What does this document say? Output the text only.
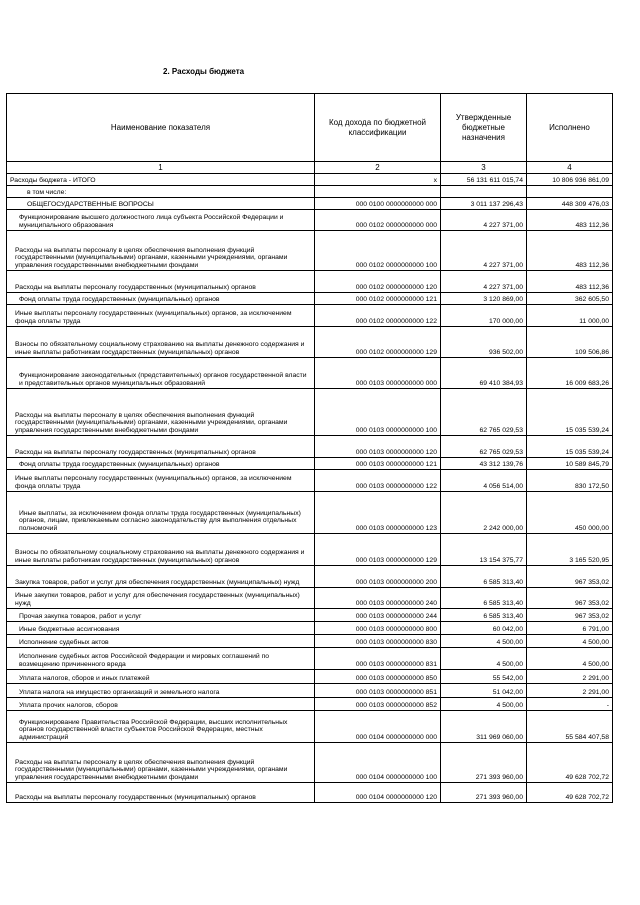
2. Расходы бюджета
Наименование показателя	Код дохода по бюджетной классификации	Утвержденные бюджетные назначения	Исполнено
1	2	3	4
Расходы бюджета - ИТОГО	x	56 131 611 015,74	10 806 936 861,09
в том числе:			
ОБЩЕГОСУДАРСТВЕННЫЕ ВОПРОСЫ	000 0100 0000000000 000	3 011 137 296,43	448 309 476,03
Функционирование высшего должностного лица субъекта Российской Федерации и муниципального образования	000 0102 0000000000 000	4 227 371,00	483 112,36
Расходы на выплаты персоналу в целях обеспечения выполнения функций государственными (муниципальными) органами, казенными учреждениями, органами управления государственными внебюджетными фондами	000 0102 0000000000 100	4 227 371,00	483 112,36
Расходы на выплаты персоналу государственных (муниципальных) органов	000 0102 0000000000 120	4 227 371,00	483 112,36
Фонд оплаты труда государственных (муниципальных) органов	000 0102 0000000000 121	3 120 869,00	362 605,50
Иные выплаты персоналу государственных (муниципальных) органов, за исключением фонда оплаты труда	000 0102 0000000000 122	170 000,00	11 000,00
Взносы по обязательному социальному страхованию на выплаты денежного содержания и иные выплаты работникам государственных (муниципальных) органов	000 0102 0000000000 129	936 502,00	109 506,86
Функционирование законодательных (представительных) органов государственной власти и представительных органов муниципальных образований	000 0103 0000000000 000	69 410 384,93	16 009 683,26
Расходы на выплаты персоналу в целях обеспечения выполнения функций государственными (муниципальными) органами, казенными учреждениями, органами управления государственными внебюджетными фондами	000 0103 0000000000 100	62 765 029,53	15 035 539,24
Расходы на выплаты персоналу государственных (муниципальных) органов	000 0103 0000000000 120	62 765 029,53	15 035 539,24
Фонд оплаты труда государственных (муниципальных) органов	000 0103 0000000000 121	43 312 139,76	10 589 845,79
Иные выплаты персоналу государственных (муниципальных) органов, за исключением фонда оплаты труда	000 0103 0000000000 122	4 056 514,00	830 172,50
Иные выплаты, за исключением фонда оплаты труда государственных (муниципальных) органов, лицам, привлекаемым согласно законодательству для выполнения отдельных полномочий	000 0103 0000000000 123	2 242 000,00	450 000,00
Взносы по обязательному социальному страхованию на выплаты денежного содержания и иные выплаты работникам государственных (муниципальных) органов	000 0103 0000000000 129	13 154 375,77	3 165 520,95
Закупка товаров, работ и услуг для обеспечения государственных (муниципальных) нужд	000 0103 0000000000 200	6 585 313,40	967 353,02
Иные закупки товаров, работ и услуг для обеспечения государственных (муниципальных) нужд	000 0103 0000000000 240	6 585 313,40	967 353,02
Прочая закупка товаров, работ и услуг	000 0103 0000000000 244	6 585 313,40	967 353,02
Иные бюджетные ассигнования	000 0103 0000000000 800	60 042,00	6 791,00
Исполнение судебных актов	000 0103 0000000000 830	4 500,00	4 500,00
Исполнение судебных актов Российской Федерации и мировых соглашений по возмещению причиненного вреда	000 0103 0000000000 831	4 500,00	4 500,00
Уплата налогов, сборов и иных платежей	000 0103 0000000000 850	55 542,00	2 291,00
Уплата налога на имущество организаций и земельного налога	000 0103 0000000000 851	51 042,00	2 291,00
Уплата прочих налогов, сборов	000 0103 0000000000 852	4 500,00	-
Функционирование Правительства Российской Федерации, высших исполнительных органов государственной власти субъектов Российской Федерации, местных администраций	000 0104 0000000000 000	311 969 060,00	55 584 407,58
Расходы на выплаты персоналу в целях обеспечения выполнения функций государственными (муниципальными) органами, казенными учреждениями, органами управления государственными внебюджетными фондами	000 0104 0000000000 100	271 393 960,00	49 628 702,72
Расходы на выплаты персоналу государственных (муниципальных) органов	000 0104 0000000000 120	271 393 960,00	49 628 702,72
